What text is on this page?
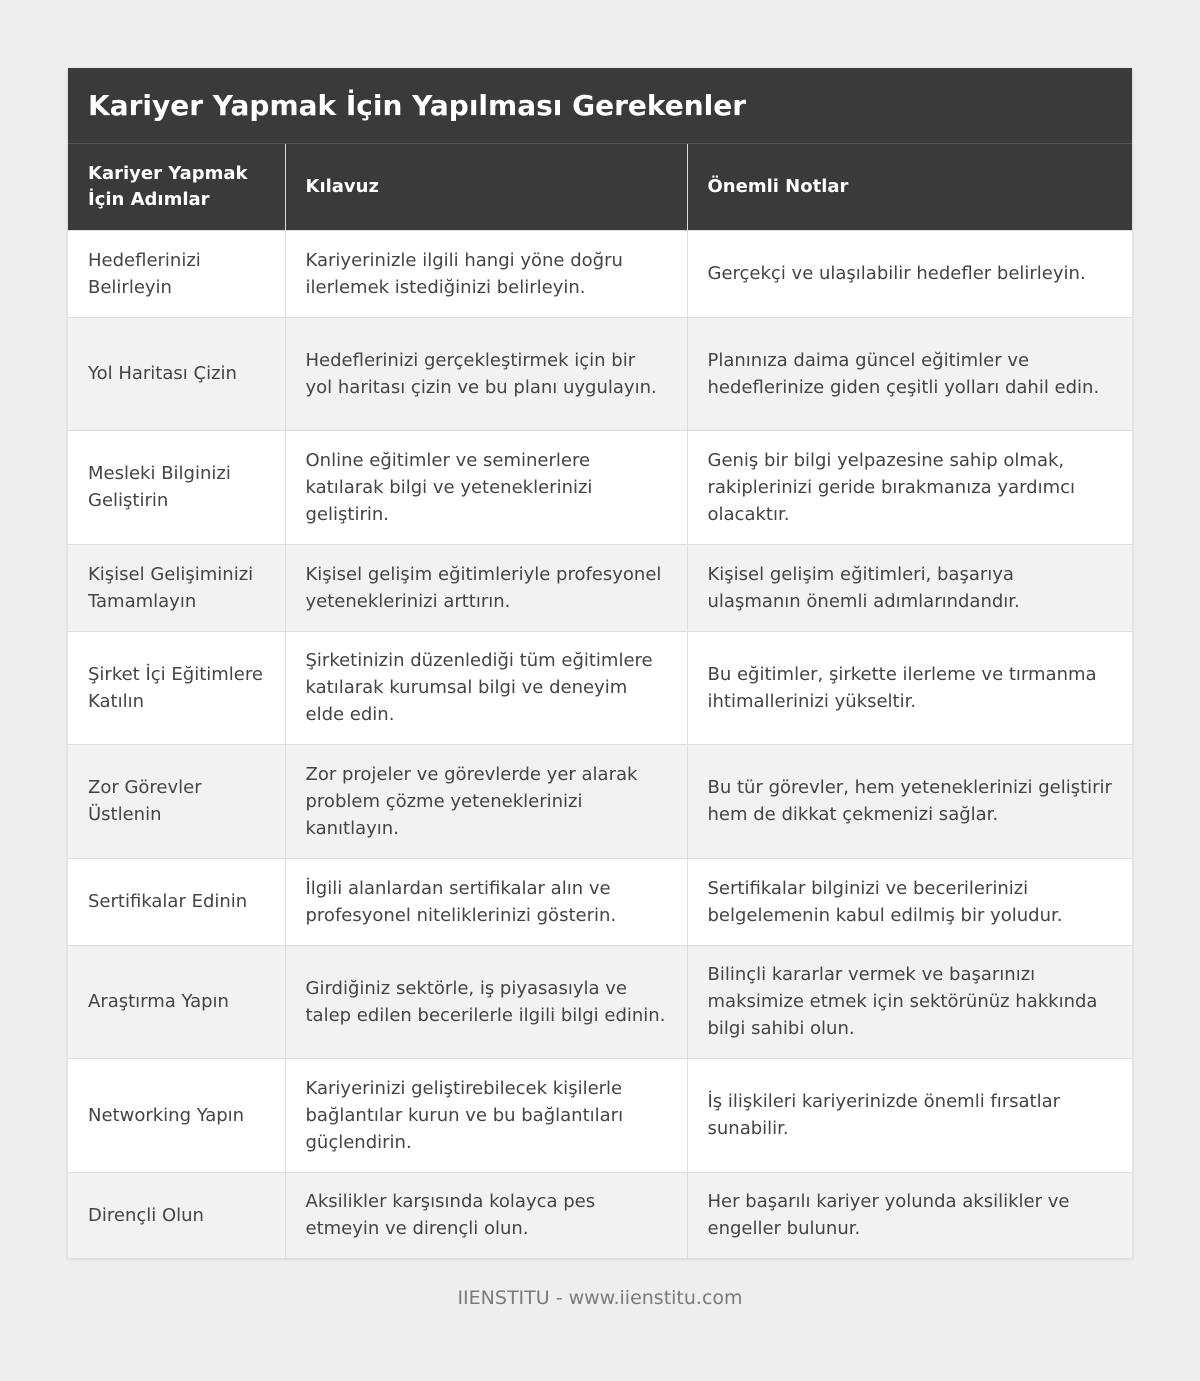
Kariyer Yapmak İçin Yapılması Gerekenler
Kariyer Yapmak İçin Adımlar	Kılavuz	Önemli Notlar
Hedeflerinizi Belirleyin	Kariyerinizle ilgili hangi yöne doğru ilerlemek istediğinizi belirleyin.	Gerçekçi ve ulaşılabilir hedefler belirleyin.
Yol Haritası Çizin	Hedeflerinizi gerçekleştirmek için bir yol haritası çizin ve bu planı uygulayın.	Planınıza daima güncel eğitimler ve hedeflerinize giden çeşitli yolları dahil edin.
Mesleki Bilginizi Geliştirin	Online eğitimler ve seminerlere katılarak bilgi ve yeteneklerinizi geliştirin.	Geniş bir bilgi yelpazesine sahip olmak, rakiplerinizi geride bırakmanıza yardımcı olacaktır.
Kişisel Gelişiminizi Tamamlayın	Kişisel gelişim eğitimleriyle profesyonel yeteneklerinizi arttırın.	Kişisel gelişim eğitimleri, başarıya ulaşmanın önemli adımlarındandır.
Şirket İçi Eğitimlere Katılın	Şirketinizin düzenlediği tüm eğitimlere katılarak kurumsal bilgi ve deneyim elde edin.	Bu eğitimler, şirkette ilerleme ve tırmanma ihtimallerinizi yükseltir.
Zor Görevler Üstlenin	Zor projeler ve görevlerde yer alarak problem çözme yeteneklerinizi kanıtlayın.	Bu tür görevler, hem yeteneklerinizi geliştirir hem de dikkat çekmenizi sağlar.
Sertifikalar Edinin	İlgili alanlardan sertifikalar alın ve profesyonel niteliklerinizi gösterin.	Sertifikalar bilginizi ve becerilerinizi belgelemenin kabul edilmiş bir yoludur.
Araştırma Yapın	Girdiğiniz sektörle, iş piyasasıyla ve talep edilen becerilerle ilgili bilgi edinin.	Bilinçli kararlar vermek ve başarınızı maksimize etmek için sektörünüz hakkında bilgi sahibi olun.
Networking Yapın	Kariyerinizi geliştirebilecek kişilerle bağlantılar kurun ve bu bağlantıları güçlendirin.	İş ilişkileri kariyerinizde önemli fırsatlar sunabilir.
Dirençli Olun	Aksilikler karşısında kolayca pes etmeyin ve dirençli olun.	Her başarılı kariyer yolunda aksilikler ve engeller bulunur.
IIENSTITU - www.iienstitu.com
